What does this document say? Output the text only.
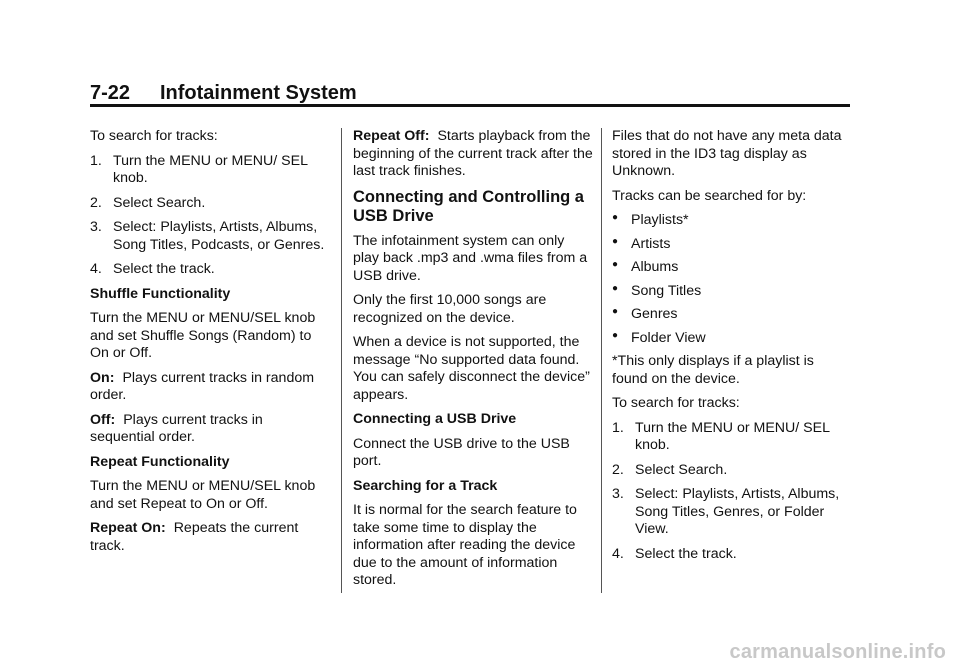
7-22 Infotainment System

To search for tracks:

1. Turn the MENU or MENU/ SEL knob.
2. Select Search.
3. Select: Playlists, Artists, Albums, Song Titles, Podcasts, or Genres.
4. Select the track.

Shuffle Functionality

Turn the MENU or MENU/SEL knob and set Shuffle Songs (Random) to On or Off.

On: Plays current tracks in random order.

Off: Plays current tracks in sequential order.

Repeat Functionality

Turn the MENU or MENU/SEL knob and set Repeat to On or Off.

Repeat On: Repeats the current track.

Repeat Off: Starts playback from the beginning of the current track after the last track finishes.

Connecting and Controlling a USB Drive

The infotainment system can only play back .mp3 and .wma files from a USB drive.

Only the first 10,000 songs are recognized on the device.

When a device is not supported, the message “No supported data found. You can safely disconnect the device” appears.

Connecting a USB Drive

Connect the USB drive to the USB port.

Searching for a Track

It is normal for the search feature to take some time to display the information after reading the device due to the amount of information stored.

Files that do not have any meta data stored in the ID3 tag display as Unknown.

Tracks can be searched for by:

● Playlists*
● Artists
● Albums
● Song Titles
● Genres
● Folder View

*This only displays if a playlist is found on the device.

To search for tracks:

1. Turn the MENU or MENU/ SEL knob.
2. Select Search.
3. Select: Playlists, Artists, Albums, Song Titles, Genres, or Folder View.
4. Select the track.
carmanualsonline.info
